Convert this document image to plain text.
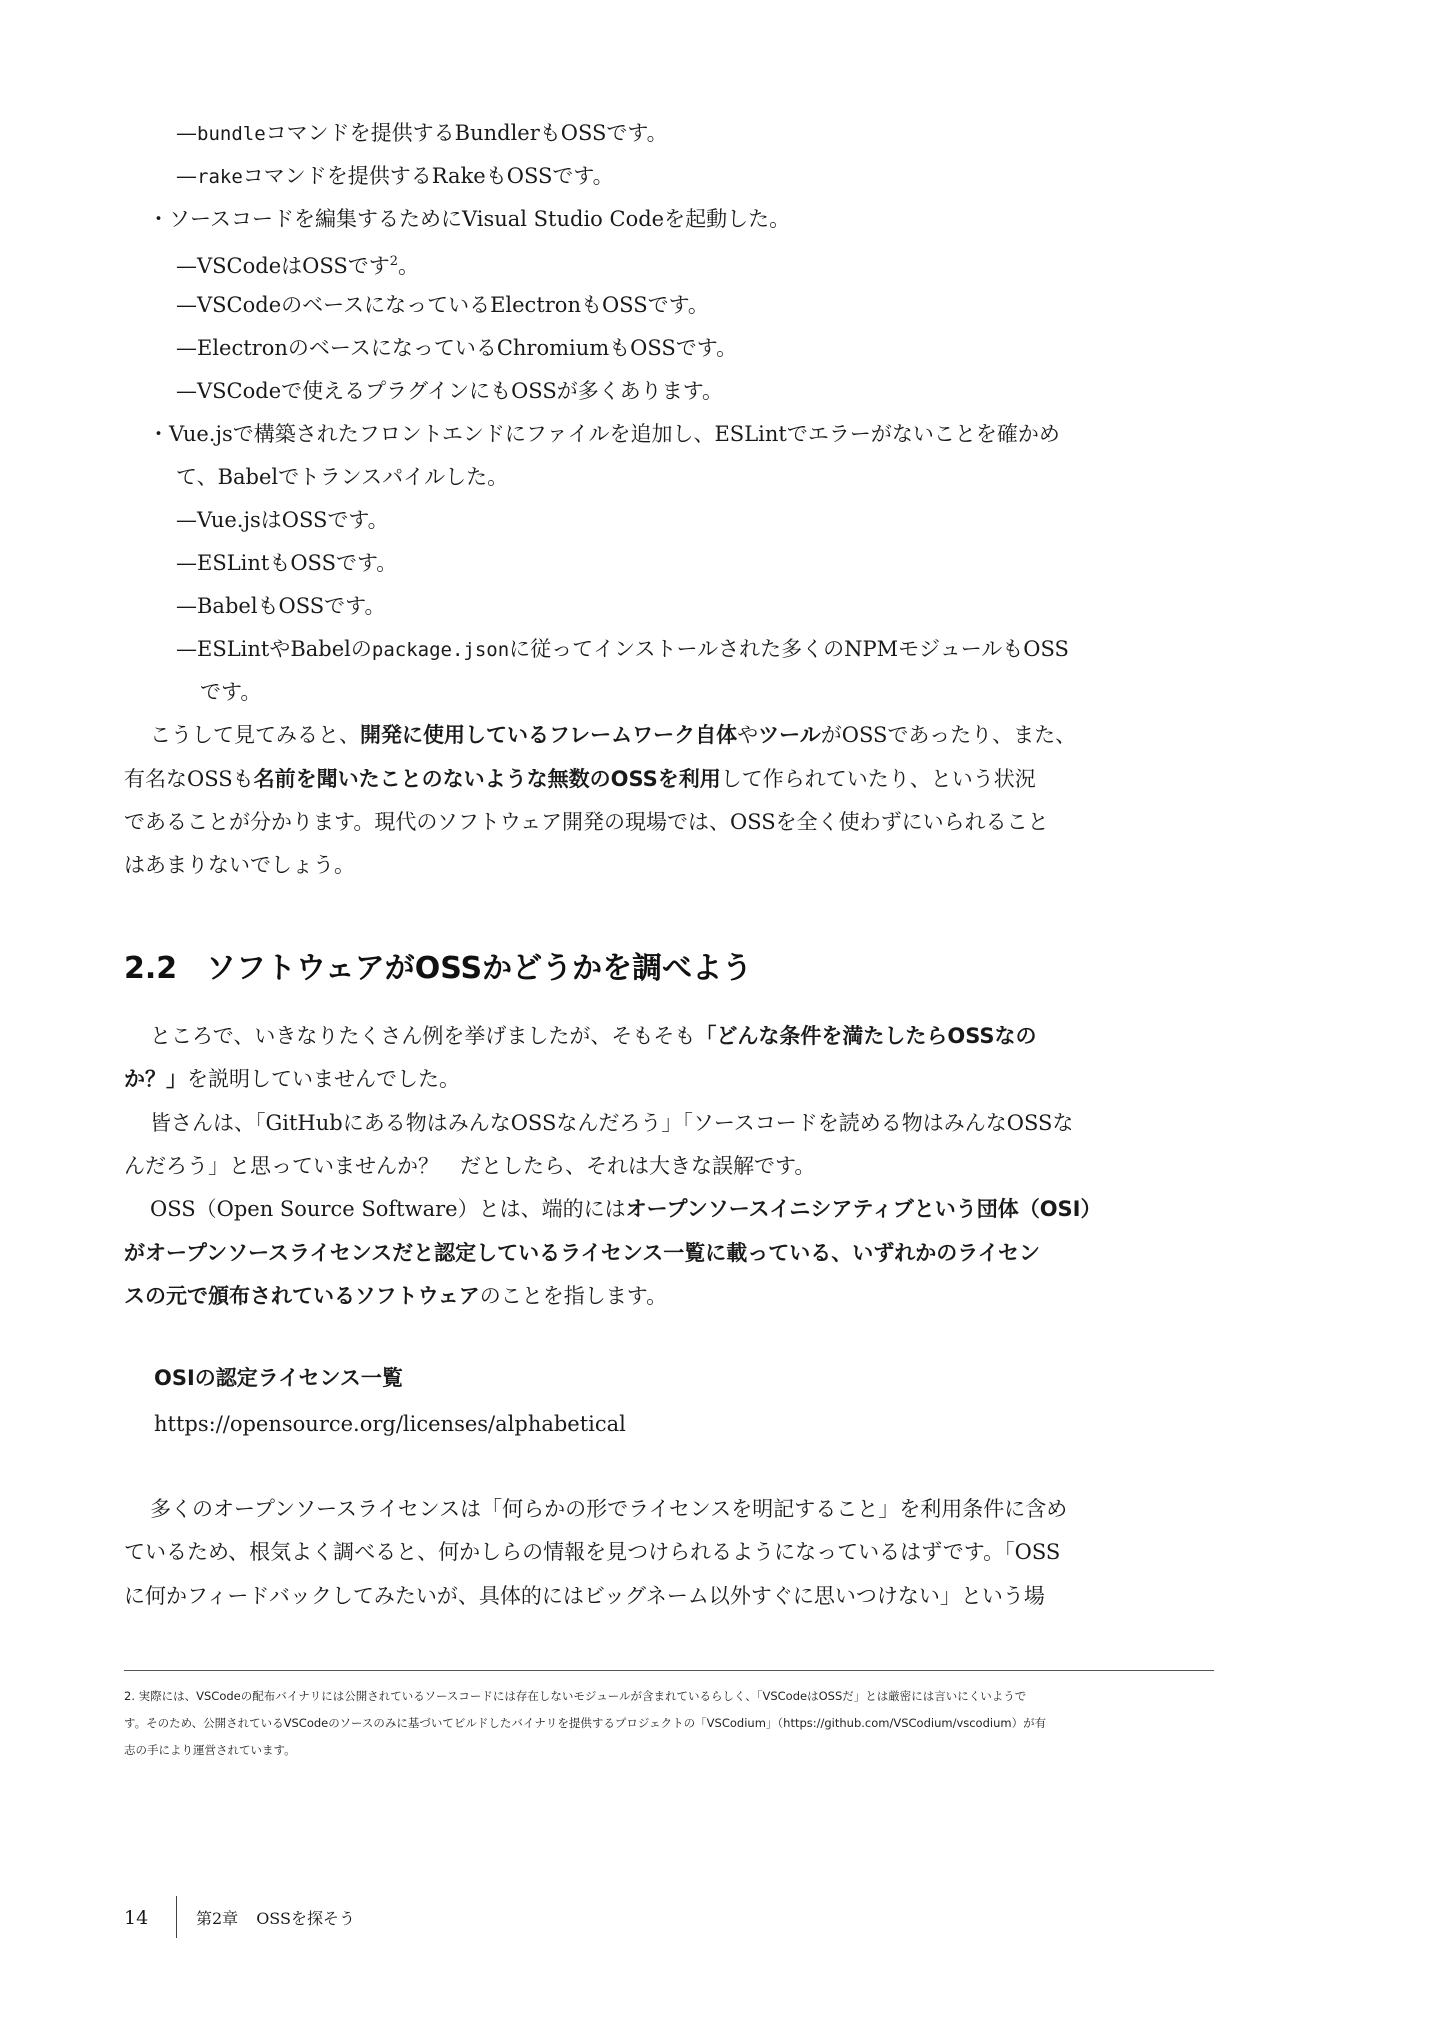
—bundleコマンドを提供するBundlerもOSSです。
—rakeコマンドを提供するRakeもOSSです。
・ソースコードを編集するためにVisual Studio Codeを起動した。
—VSCodeはOSSです$^2$。
—VSCodeのベースになっているElectronもOSSです。
—ElectronのベースになっているChromiumもOSSです。
—VSCodeで使えるプラグインにもOSSが多くあります。
・Vue.jsで構築されたフロントエンドにファイルを追加し、ESLintでエラーがないことを確かめ
て、Babelでトランスパイルした。
—Vue.jsはOSSです。
—ESLintもOSSです。
—BabelもOSSです。
—ESLintやBabelのpackage.jsonに従ってインストールされた多くのNPMモジュールもOSS
です。
こうして見てみると、開発に使用しているフレームワーク自体やツールがOSSであったり、また、
有名なOSSも名前を聞いたことのないような無数のOSSを利用して作られていたり、という状況
であることが分かります。現代のソフトウェア開発の現場では、OSSを全く使わずにいられること
はあまりないでしょう。
2.2 ソフトウェアがOSSかどうかを調べよう
ところで、いきなりたくさん例を挙げましたが、そもそも「どんな条件を満たしたらOSSなの
か？」を説明していませんでした。
皆さんは、「GitHubにある物はみんなOSSなんだろう」「ソースコードを読める物はみんなOSSな
んだろう」と思っていませんか？　だとしたら、それは大きな誤解です。
OSS（Open Source Software）とは、端的にはオープンソースイニシアティブという団体（OSI）
がオープンソースライセンスだと認定しているライセンス一覧に載っている、いずれかのライセン
スの元で頒布されているソフトウェアのことを指します。
OSIの認定ライセンス一覧
https://opensource.org/licenses/alphabetical
多くのオープンソースライセンスは「何らかの形でライセンスを明記すること」を利用条件に含め
ているため、根気よく調べると、何かしらの情報を見つけられるようになっているはずです。「OSS
に何かフィードバックしてみたいが、具体的にはビッグネーム以外すぐに思いつけない」という場
2. 実際には、VSCodeの配布バイナリには公開されているソースコードには存在しないモジュールが含まれているらしく、「VSCodeはOSSだ」とは厳密には言いにくいようで
す。そのため、公開されているVSCodeのソースのみに基づいてビルドしたバイナリを提供するプロジェクトの「VSCodium」（https://github.com/VSCodium/vscodium）が有
志の手により運営されています。
14	第2章 OSSを探そう
